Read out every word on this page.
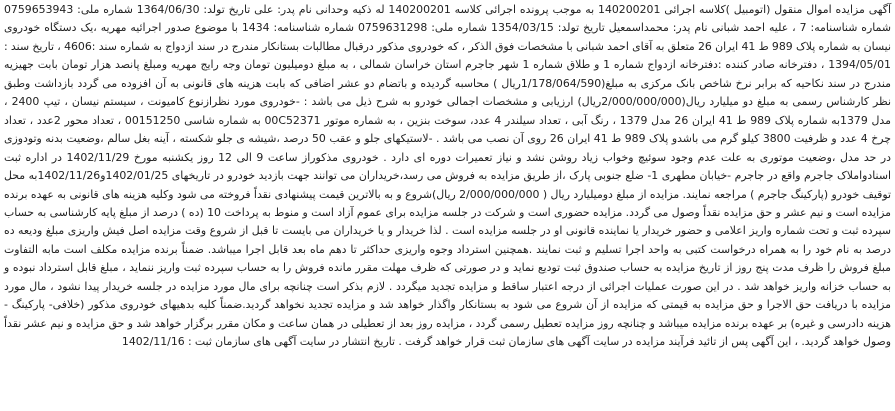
آگهی مزایده اموال منقول (اتومبیل )کلاسه اجرائی 140200201 به موجب پرونده اجرائی کلاسه 140200201 له ذکیه وحدانی نام پدر: علی تاریخ تولد: 1364/06/30 شماره ملی: 0759653943 شماره شناسنامه: 7 ، علیه احمد شبانی نام پدر: محمداسمعیل تاریخ تولد: 1354/03/15 شماره ملی: 0759631298 شماره شناسنامه: 1434 با موضوع صدور اجرائیه مهریه ،یک دستگاه خودروی نیسان به شماره پلاک 989 ط 41 ایران 26 متعلق به آقای احمد شبانی با مشخصات فوق الذکر ، که خودروی مذکور درقبال مطالبات بستانکار مندرج در سند ازدواج به شماره سند :4606 ، تاریخ سند : 1394/05/01 ، دفترخانه صادر کننده :دفترخانه ازدواج شماره 1 و طلاق شماره 1 شهر جاجرم استان خراسان شمالی ، به مبلغ دومیلیون تومان وجه رایج مهریه ومبلغ پانصد هزار تومان بابت جهیزیه مندرج در سند نکاحیه که برابر نرخ شاخص بانک مرکزی به مبلغ(1/178/064/590ریال ) محاسبه گردیده و باتضام دو عشر اضافی که بابت هزینه های قانونی به آن افزوده می گردد بازداشت وطبق نظر کارشناس رسمی به مبلغ دو میلیارد ریال(2/000/000/000ریال) ارزیابی و مشخصات اجمالی خودرو به شرح ذیل می باشد : -خودروی مورد نظرازنوع کامیونت ، سیستم نیسان ، تیپ 2400 ، مدل 1379به شماره پلاک 989 ط 41 ایران 26 مدل 1379 ، رنگ آبی ، تعداد سیلندر 4 عدد، سوخت بنزین ، به شماره موتور 00C52371 به شماره شاسی 00151250 ، تعداد محور 2عدد ، تعداد چرخ 4 عدد و ظرفیت 3800 کیلو گرم می باشدو پلاک 989 ط 41 ایران 26 روی آن نصب می باشد . -لاستیکهای جلو و عقب 50 درصد ،شیشه ی جلو شکسته ، آینه بغل سالم ،وضعیت بدنه وتودوزی در حد مدل ،وضعیت موتوری به علت عدم وجود سوئیچ وخواب زیاد روشن نشد و نیاز تعمیرات دوره ای دارد . خودروی مذکوراز ساعت 9 الی 12 روز یکشنبه مورخ 1402/11/29 در اداره ثبت اسنادواملاک جاجرم واقع در جاجرم -خیابان مطهری 1- ضلع جنوبی پارک ،از طریق مزایده به فروش می رسد،خریداران می توانند جهت بازدید خودرو در تاریخهای 1402/01/25و1402/11/26به محل توقیف خودرو (پارکینگ جاجرم ) مراجعه نمایند. مزایده از مبلغ دومیلیارد ریال ( 2/000/000/000 ریال)شروع و به بالاترین قیمت پیشنهادی نقداً فروخته می شود وکلیه هزینه های قانونی به عهده برنده مزایده است و نیم عشر و حق مزایده نقداً وصول می گردد. مزایده حضوری است و شرکت در جلسه مزایده برای عموم آزاد است و منوط به پرداخت 10 (ده ) درصد از مبلغ پایه کارشناسی به حساب سپرده ثبت و تحت شماره واریز اعلامی و حضور خریدار یا نماینده قانونی او در جلسه مزایده است . لذا خریدار و یا خریداران می بایست تا قبل از شروع وقت مزایده اصل فیش واریزی مبلغ ودیعه ده درصد به نام خود را به همراه درخواست کتبی به واحد اجرا تسلیم و ثبت نمایند .همچنین استرداد وجوه واریزی حداکثر تا دهم ماه بعد قابل اجرا میباشد. ضمناً برنده مزایده مکلف است مابه التفاوت مبلغ فروش را ظرف مدت پنج روز از تاریخ مزایده به حساب صندوق ثبت تودیع نماید و در صورتی که ظرف مهلت مقرر مانده فروش را به حساب سپرده ثبت واریز ننماید ، مبلغ قابل استرداد نبوده و به حساب خزانه واریز خواهد شد . در این صورت عملیات اجرائی از درجه اعتبار ساقط و مزایده تجدید میگردد . لازم بذکر است چنانچه برای مال مورد مزایده در جلسه خریدار پیدا نشود ، مال مورد مزایده با دریافت حق الاجرا و حق مزایده به قیمتی که مزایده از آن شروع می شود به بستانکار واگذار خواهد شد و مزایده تجدید نخواهد گردید.ضمناً کلیه بدهیهای خودروی مذکور (خلافی- پارکینگ - هزینه دادرسی و غیره) بر عهده برنده مزایده میباشد و چنانچه روز مزایده تعطیل رسمی گردد ، مزایده روز بعد از تعطیلی در همان ساعت و مکان مقرر برگزار خواهد شد و حق مزایده و نیم عشر نقداً وصول خواهد گردید. ، این آگهی پس از تائید فرآیند مزایده در سایت آگهی های سازمان ثبت قرار خواهد گرفت . تاریخ انتشار در سایت آگهی های سازمان ثبت : 1402/11/16
